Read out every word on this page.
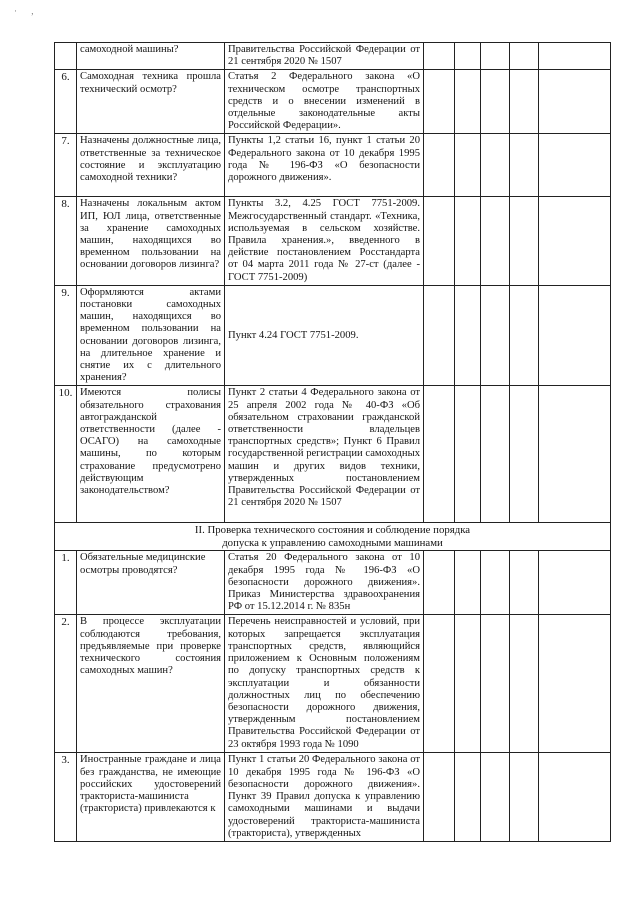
· ,
	самоходной машины?	Правительства Российской Федерации от 21 сентября 2020 № 1507					
6.	Самоходная техника прошла технический осмотр?	Статья 2 Федерального закона «О техническом осмотре транспортных средств и о внесении изменений в отдельные законодательные акты Российской Федерации».					
7.	Назначены должностные лица, ответственные за техническое состояние и эксплуатацию самоходной техники?	Пункты 1,2 статьи 16, пункт 1 статьи 20 Федерального закона от 10 декабря 1995 года № 196-ФЗ «О безопасности дорожного движения».					
8.	Назначены локальным актом ИП, ЮЛ лица, ответственные за хранение самоходных машин, находящихся во временном пользовании на основании договоров лизинга?	Пункты 3.2, 4.25 ГОСТ 7751-2009. Межгосударственный стандарт. «Техника, используемая в сельском хозяйстве. Правила хранения.», введенного в действие постановлением Росстандарта от 04 марта 2011 года № 27-ст (далее - ГОСТ 7751-2009)					
9.	Оформляются актами постановки самоходных машин, находящихся во временном пользовании на основании договоров лизинга, на длительное хранение и снятие их с длительного хранения?	Пункт 4.24 ГОСТ 7751-2009.					
10.	Имеются полисы обязательного страхования автогражданской ответственности (далее - ОСАГО) на самоходные машины, по которым страхование предусмотрено действующим законодательством?	Пункт 2 статьи 4 Федерального закона от 25 апреля 2002 года № 40-ФЗ «Об обязательном страховании гражданской ответственности владельцев транспортных средств»; Пункт 6 Правил государственной регистрации самоходных машин и других видов техники, утвержденных постановлением Правительства Российской Федерации от 21 сентября 2020 № 1507					
II. Проверка технического состояния и соблюдение порядка
допуска к управлению самоходными машинами							
1.	Обязательные медицинские осмотры проводятся?	Статья 20 Федерального закона от 10 декабря 1995 года № 196-ФЗ «О безопасности дорожного движения». Приказ Министерства здравоохранения РФ от 15.12.2014 г. № 835н					
2.	В процессе эксплуатации соблюдаются требования, предъявляемые при проверке технического состояния самоходных машин?	Перечень неисправностей и условий, при которых запрещается эксплуатация транспортных средств, являющийся приложением к Основным положениям по допуску транспортных средств к эксплуатации и обязанности должностных лиц по обеспечению безопасности дорожного движения, утвержденным постановлением Правительства Российской Федерации от 23 октября 1993 года № 1090					
3.	Иностранные граждане и лица без гражданства, не имеющие российских удостоверений тракториста-машиниста (тракториста) привлекаются к	Пункт 1 статьи 20 Федерального закона от 10 декабря 1995 года № 196-ФЗ «О безопасности дорожного движения». Пункт 39 Правил допуска к управлению самоходными машинами и выдачи удостоверений тракториста-машиниста (тракториста), утвержденных					
